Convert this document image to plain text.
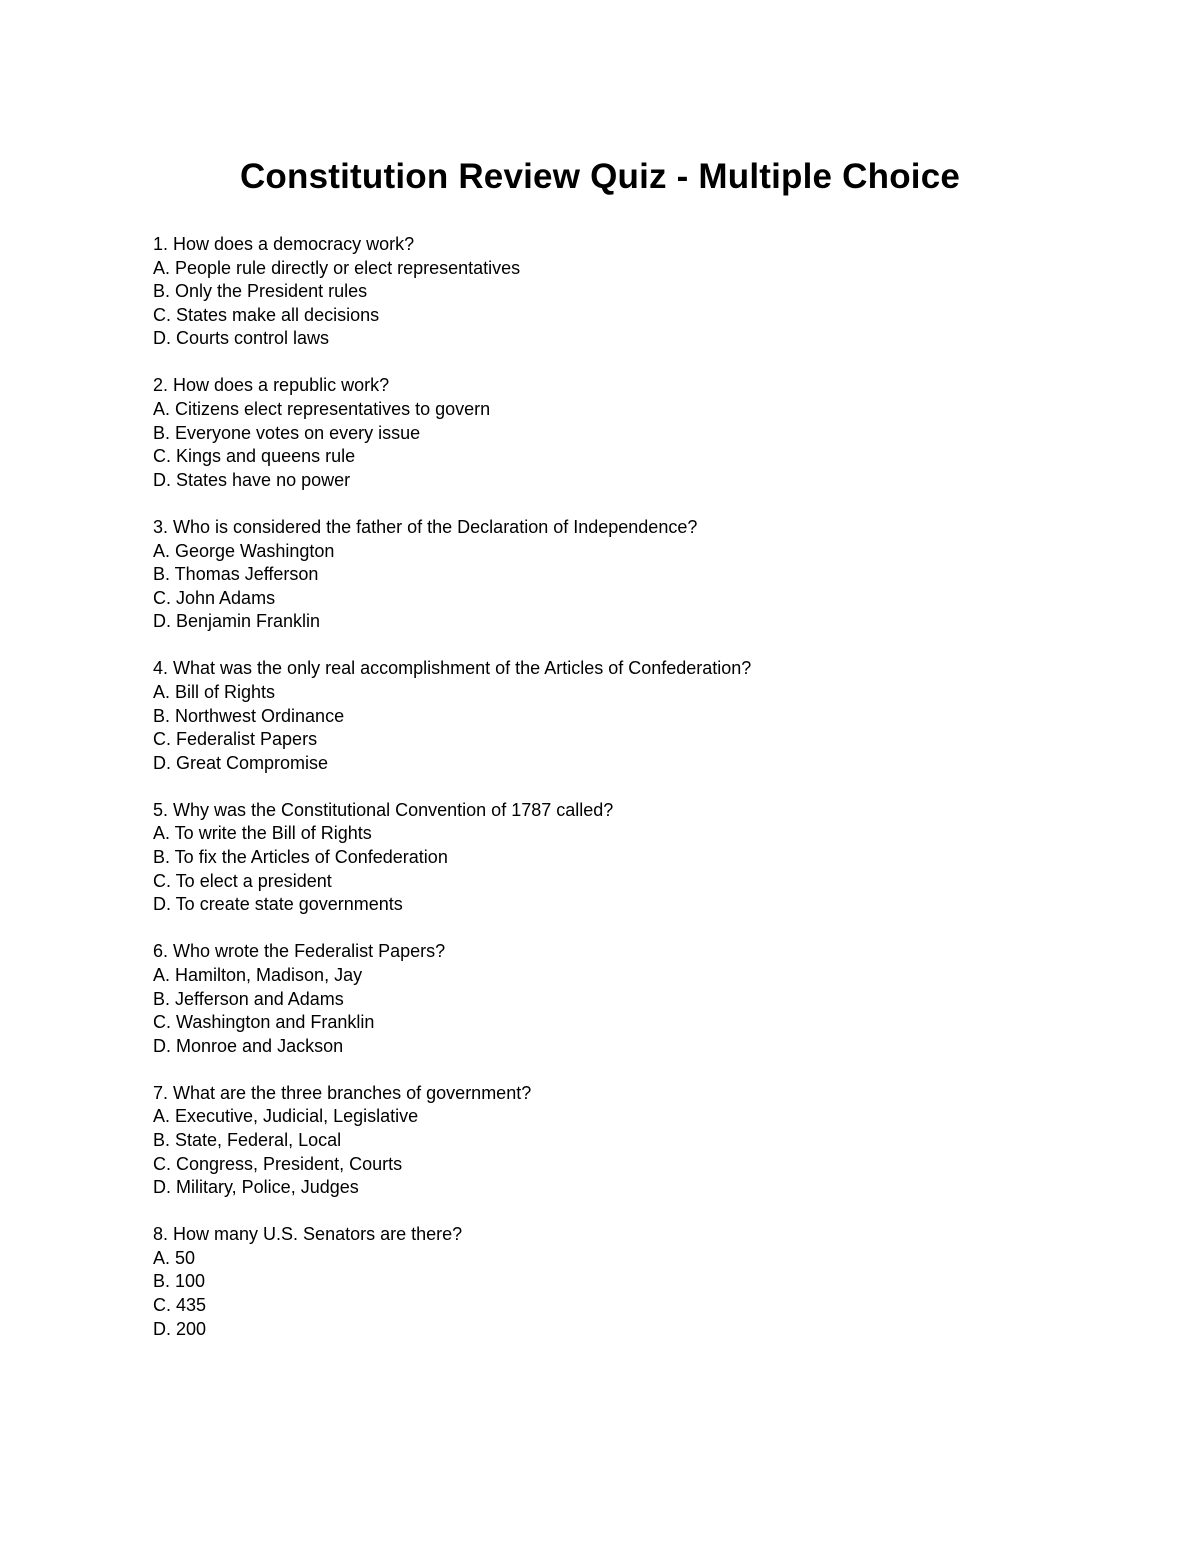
Constitution Review Quiz - Multiple Choice
1. How does a democracy work?
A. People rule directly or elect representatives
B. Only the President rules
C. States make all decisions
D. Courts control laws
2. How does a republic work?
A. Citizens elect representatives to govern
B. Everyone votes on every issue
C. Kings and queens rule
D. States have no power
3. Who is considered the father of the Declaration of Independence?
A. George Washington
B. Thomas Jefferson
C. John Adams
D. Benjamin Franklin
4. What was the only real accomplishment of the Articles of Confederation?
A. Bill of Rights
B. Northwest Ordinance
C. Federalist Papers
D. Great Compromise
5. Why was the Constitutional Convention of 1787 called?
A. To write the Bill of Rights
B. To fix the Articles of Confederation
C. To elect a president
D. To create state governments
6. Who wrote the Federalist Papers?
A. Hamilton, Madison, Jay
B. Jefferson and Adams
C. Washington and Franklin
D. Monroe and Jackson
7. What are the three branches of government?
A. Executive, Judicial, Legislative
B. State, Federal, Local
C. Congress, President, Courts
D. Military, Police, Judges
8. How many U.S. Senators are there?
A. 50
B. 100
C. 435
D. 200
